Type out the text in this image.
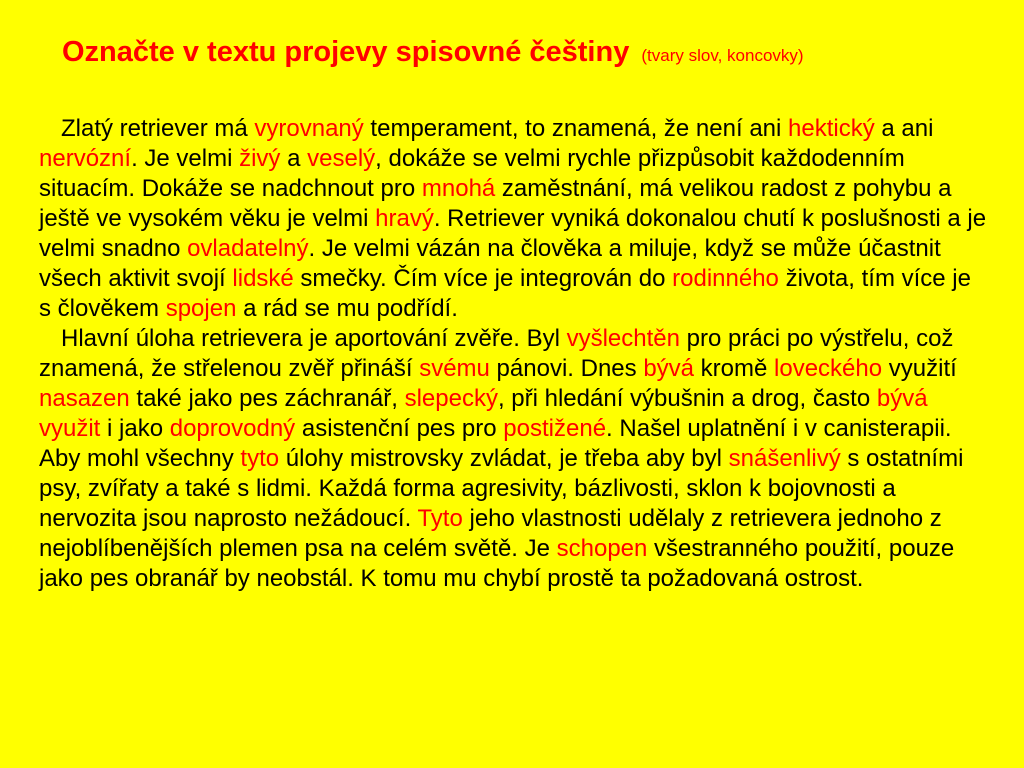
Označte v textu projevy spisovné češtiny (tvary slov, koncovky)

Zlatý retriever má vyrovnaný temperament, to znamená, že není ani hektický a ani nervózní. Je velmi živý a veselý, dokáže se velmi rychle přizpůsobit každodenním situacím. Dokáže se nadchnout pro mnohá zaměstnání, má velikou radost z pohybu a ještě ve vysokém věku je velmi hravý. Retriever vyniká dokonalou chutí k poslušnosti a je velmi snadno ovladatelný. Je velmi vázán na člověka a miluje, když se může účastnit všech aktivit svojí lidské smečky. Čím více je integrován do rodinného života, tím více je s člověkem spojen a rád se mu podřídí.

Hlavní úloha retrievera je aportování zvěře. Byl vyšlechtěn pro práci po výstřelu, což znamená, že střelenou zvěř přináší svému pánovi. Dnes bývá kromě loveckého využití nasazen také jako pes záchranář, slepecký, při hledání výbušnin a drog, často bývá využit i jako doprovodný asistenční pes pro postižené. Našel uplatnění i v canisterapii. Aby mohl všechny tyto úlohy mistrovsky zvládat, je třeba aby byl snášenlivý s ostatními psy, zvířaty a také s lidmi. Každá forma agresivity, bázlivosti, sklon k bojovnosti a nervozita jsou naprosto nežádoucí. Tyto jeho vlastnosti udělaly z retrievera jednoho z nejoblíbenějších plemen psa na celém světě. Je schopen všestranného použití, pouze jako pes obranář by neobstál. K tomu mu chybí prostě ta požadovaná ostrost.
